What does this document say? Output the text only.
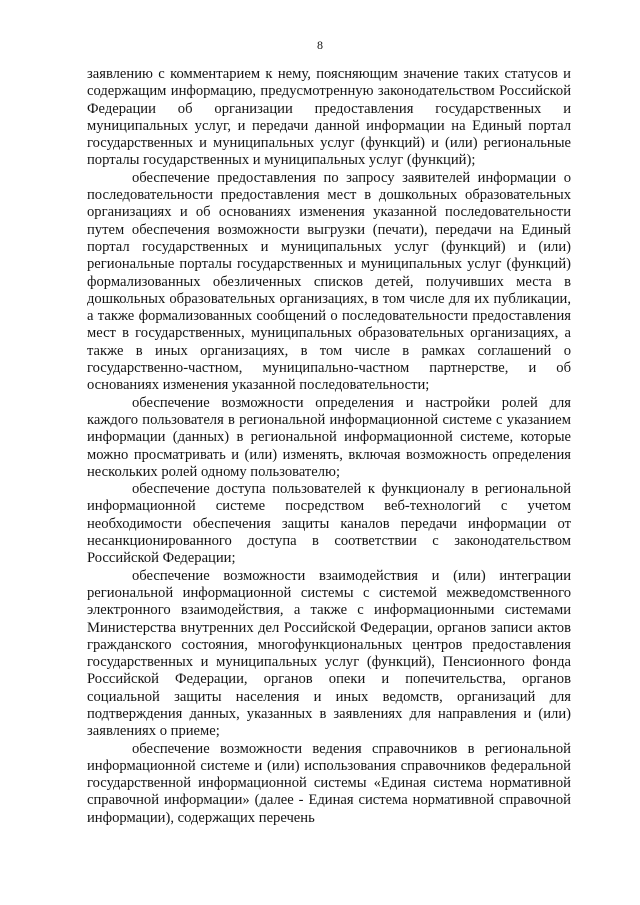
8

заявлению с комментарием к нему, поясняющим значение таких статусов и содержащим информацию, предусмотренную законодательством Российской Федерации об организации предоставления государственных и муниципальных услуг, и передачи данной информации на Единый портал государственных и муниципальных услуг (функций) и (или) региональные порталы государственных и муниципальных услуг (функций);

обеспечение предоставления по запросу заявителей информации о последовательности предоставления мест в дошкольных образовательных организациях и об основаниях изменения указанной последовательности путем обеспечения возможности выгрузки (печати), передачи на Единый портал государственных и муниципальных услуг (функций) и (или) региональные порталы государственных и муниципальных услуг (функций) формализованных обезличенных списков детей, получивших места в дошкольных образовательных организациях, в том числе для их публикации, а также формализованных сообщений о последовательности предоставления мест в государственных, муниципальных образовательных организациях, а также в иных организациях, в том числе в рамках соглашений о государственно-частном, муниципально-частном партнерстве, и об основаниях изменения указанной последовательности;

обеспечение возможности определения и настройки ролей для каждого пользователя в региональной информационной системе с указанием информации (данных) в региональной информационной системе, которые можно просматривать и (или) изменять, включая возможность определения нескольких ролей одному пользователю;

обеспечение доступа пользователей к функционалу в региональной информационной системе посредством веб-технологий с учетом необходимости обеспечения защиты каналов передачи информации от несанкционированного доступа в соответствии с законодательством Российской Федерации;

обеспечение возможности взаимодействия и (или) интеграции региональной информационной системы с системой межведомственного электронного взаимодействия, а также с информационными системами Министерства внутренних дел Российской Федерации, органов записи актов гражданского состояния, многофункциональных центров предоставления государственных и муниципальных услуг (функций), Пенсионного фонда Российской Федерации, органов опеки и попечительства, органов социальной защиты населения и иных ведомств, организаций для подтверждения данных, указанных в заявлениях для направления и (или) заявлениях о приеме;

обеспечение возможности ведения справочников в региональной информационной системе и (или) использования справочников федеральной государственной информационной системы «Единая система нормативной справочной информации» (далее - Единая система нормативной справочной информации), содержащих перечень
